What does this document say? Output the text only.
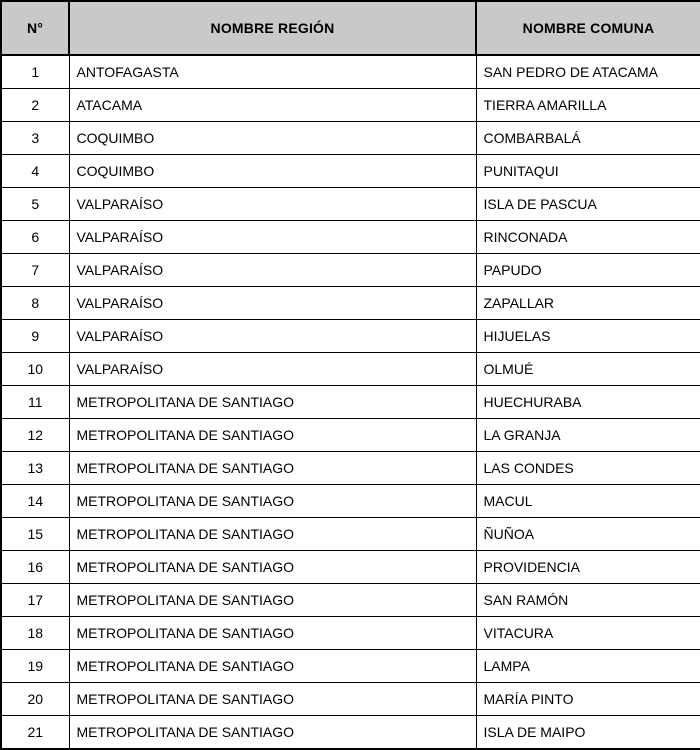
N°	NOMBRE REGIÓN	NOMBRE COMUNA
1	ANTOFAGASTA	SAN PEDRO DE ATACAMA
2	ATACAMA	TIERRA AMARILLA
3	COQUIMBO	COMBARBALÁ
4	COQUIMBO	PUNITAQUI
5	VALPARAÍSO	ISLA DE PASCUA
6	VALPARAÍSO	RINCONADA
7	VALPARAÍSO	PAPUDO
8	VALPARAÍSO	ZAPALLAR
9	VALPARAÍSO	HIJUELAS
10	VALPARAÍSO	OLMUÉ
11	METROPOLITANA DE SANTIAGO	HUECHURABA
12	METROPOLITANA DE SANTIAGO	LA GRANJA
13	METROPOLITANA DE SANTIAGO	LAS CONDES
14	METROPOLITANA DE SANTIAGO	MACUL
15	METROPOLITANA DE SANTIAGO	ÑUÑOA
16	METROPOLITANA DE SANTIAGO	PROVIDENCIA
17	METROPOLITANA DE SANTIAGO	SAN RAMÓN
18	METROPOLITANA DE SANTIAGO	VITACURA
19	METROPOLITANA DE SANTIAGO	LAMPA
20	METROPOLITANA DE SANTIAGO	MARÍA PINTO
21	METROPOLITANA DE SANTIAGO	ISLA DE MAIPO
